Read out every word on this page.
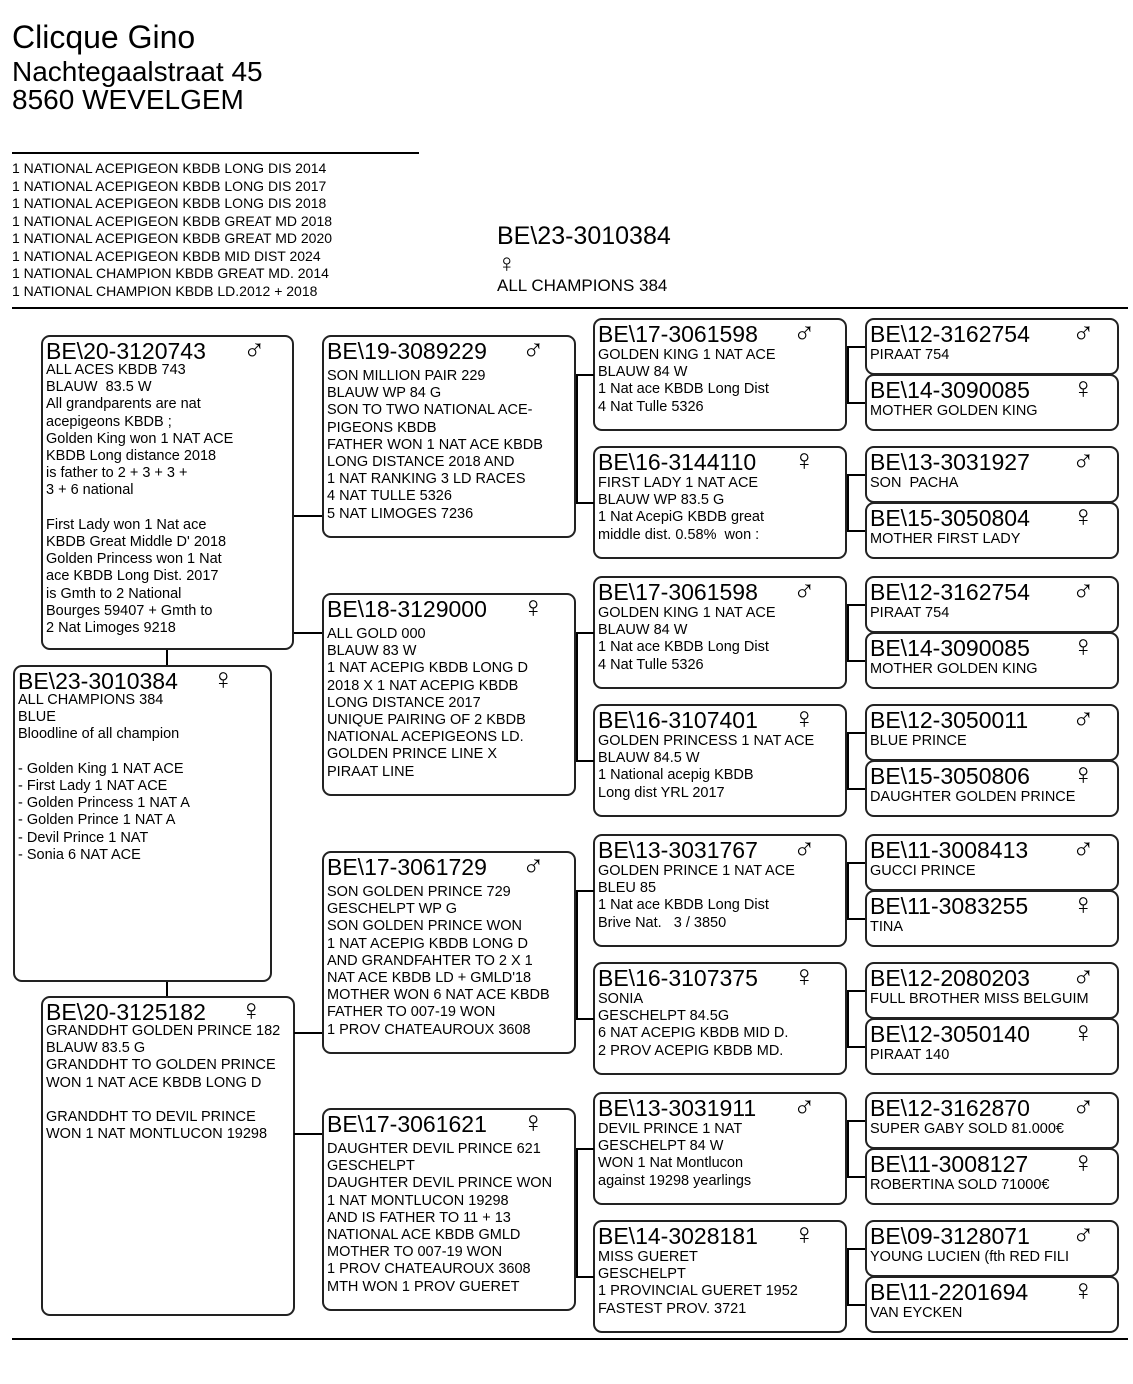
Clicque Gino
Nachtegaalstraat 45
8560 WEVELGEM
1 NATIONAL ACEPIGEON KBDB LONG DIS 2014
1 NATIONAL ACEPIGEON KBDB LONG DIS 2017
1 NATIONAL ACEPIGEON KBDB LONG DIS 2018
1 NATIONAL ACEPIGEON KBDB GREAT MD 2018
1 NATIONAL ACEPIGEON KBDB GREAT MD 2020
1 NATIONAL ACEPIGEON KBDB MID DIST 2024
1 NATIONAL CHAMPION KBDB GREAT MD. 2014
1 NATIONAL CHAMPION KBDB LD.2012 + 2018
BE\23-3010384
♀
ALL CHAMPIONS 384
BE\20-3120743 ♂
ALL ACES KBDB 743
BLAUW  83.5 W
All grandparents are nat
acepigeons KBDB ;
Golden King won 1 NAT ACE
KBDB Long distance 2018
is father to 2 + 3 + 3 +
3 + 6 national

First Lady won 1 Nat ace
KBDB Great Middle D' 2018
Golden Princess won 1 Nat
ace KBDB Long Dist. 2017
is Gmth to 2 National
Bourges 59407 + Gmth to
2 Nat Limoges 9218
BE\23-3010384 ♀
ALL CHAMPIONS 384
BLUE
Bloodline of all champion

- Golden King 1 NAT ACE
- First Lady 1 NAT ACE
- Golden Princess 1 NAT A
- Golden Prince 1 NAT A
- Devil Prince 1 NAT
- Sonia 6 NAT ACE
BE\20-3125182 ♀
GRANDDHT GOLDEN PRINCE 182
BLAUW 83.5 G
GRANDDHT TO GOLDEN PRINCE
WON 1 NAT ACE KBDB LONG D

GRANDDHT TO DEVIL PRINCE
WON 1 NAT MONTLUCON 19298
BE\19-3089229 ♂
SON MILLION PAIR 229
BLAUW WP 84 G
SON TO TWO NATIONAL ACE-
PIGEONS KBDB
FATHER WON 1 NAT ACE KBDB
LONG DISTANCE 2018 AND
1 NAT RANKING 3 LD RACES
4 NAT TULLE 5326
5 NAT LIMOGES 7236
BE\18-3129000 ♀
ALL GOLD 000
BLAUW 83 W
1 NAT ACEPIG KBDB LONG D
2018 X 1 NAT ACEPIG KBDB
LONG DISTANCE 2017
UNIQUE PAIRING OF 2 KBDB
NATIONAL ACEPIGEONS LD.
GOLDEN PRINCE LINE X
PIRAAT LINE
BE\17-3061729 ♂
SON GOLDEN PRINCE 729
GESCHELPT WP G
SON GOLDEN PRINCE WON
1 NAT ACEPIG KBDB LONG D
AND GRANDFAHTER TO 2 X 1
NAT ACE KBDB LD + GMLD'18
MOTHER WON 6 NAT ACE KBDB
FATHER TO 007-19 WON
1 PROV CHATEAUROUX 3608
BE\17-3061621 ♀
DAUGHTER DEVIL PRINCE 621
GESCHELPT
DAUGHTER DEVIL PRINCE WON
1 NAT MONTLUCON 19298
AND IS FATHER TO 11 + 13
NATIONAL ACE KBDB GMLD
MOTHER TO 007-19 WON
1 PROV CHATEAUROUX 3608
MTH WON 1 PROV GUERET
BE\17-3061598 ♂
GOLDEN KING 1 NAT ACE
BLAUW 84 W
1 Nat ace KBDB Long Dist
4 Nat Tulle 5326
BE\16-3144110 ♀
FIRST LADY 1 NAT ACE
BLAUW WP 83.5 G
1 Nat AcepiG KBDB great
middle dist. 0.58%  won :
BE\17-3061598 ♂
GOLDEN KING 1 NAT ACE
BLAUW 84 W
1 Nat ace KBDB Long Dist
4 Nat Tulle 5326
BE\16-3107401 ♀
GOLDEN PRINCESS 1 NAT ACE
BLAUW 84.5 W
1 National acepig KBDB
Long dist YRL 2017
BE\13-3031767 ♂
GOLDEN PRINCE 1 NAT ACE
BLEU 85
1 Nat ace KBDB Long Dist
Brive Nat.   3 / 3850
BE\16-3107375 ♀
SONIA
GESCHELPT 84.5G
6 NAT ACEPIG KBDB MID D.
2 PROV ACEPIG KBDB MD.
BE\13-3031911 ♂
DEVIL PRINCE 1 NAT
GESCHELPT 84 W
WON 1 Nat Montlucon
against 19298 yearlings
BE\14-3028181 ♀
MISS GUERET
GESCHELPT
1 PROVINCIAL GUERET 1952
FASTEST PROV. 3721
BE\12-3162754 ♂
PIRAAT 754
BE\14-3090085 ♀
MOTHER GOLDEN KING
BE\13-3031927 ♂
SON  PACHA
BE\15-3050804 ♀
MOTHER FIRST LADY
BE\12-3162754 ♂
PIRAAT 754
BE\14-3090085 ♀
MOTHER GOLDEN KING
BE\12-3050011 ♂
BLUE PRINCE
BE\15-3050806 ♀
DAUGHTER GOLDEN PRINCE
BE\11-3008413 ♂
GUCCI PRINCE
BE\11-3083255 ♀
TINA
BE\12-2080203 ♂
FULL BROTHER MISS BELGUIM
BE\12-3050140 ♀
PIRAAT 140
BE\12-3162870 ♂
SUPER GABY SOLD 81.000€
BE\11-3008127 ♀
ROBERTINA SOLD 71000€
BE\09-3128071 ♂
YOUNG LUCIEN (fth RED FILI
BE\11-2201694 ♀
VAN EYCKEN
